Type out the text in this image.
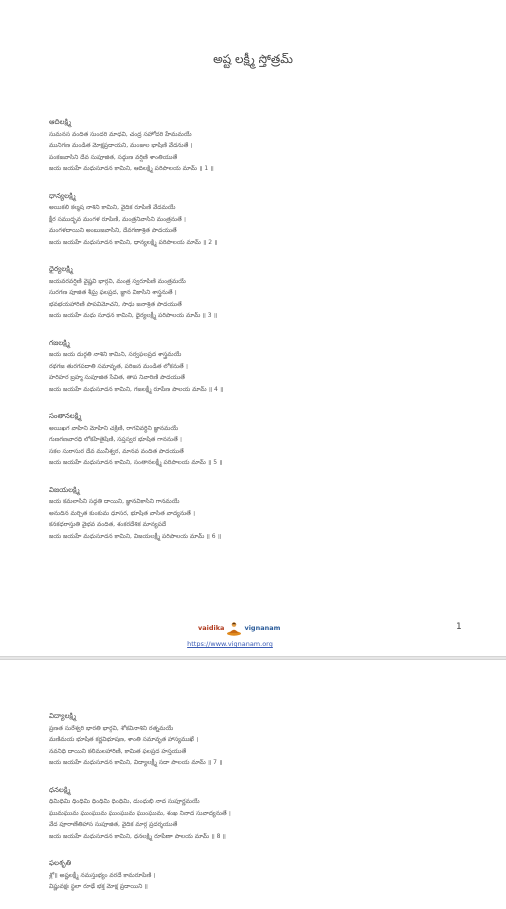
అష్ట లక్ష్మీ స్తోత్రమ్
ఆదిలక్ష్మి
సుమనస వందిత సుందరి మాధవి, చంద్ర సహోదరి హేమమయే
మునిగణ మండిత మోక్షప్రదాయని, మంజుల భాషిణి వేదనుతే ।
పంకజవాసిని దేవ సుపూజిత, సద్గుణ వర్షిణి శాంతియుతే
జయ జయహే మధుసూదన కామిని, ఆదిలక్ష్మి పరిపాలయ మామ్ ॥ 1 ॥
ధాన్యలక్ష్మి
అయికలి కల్మష నాశిని కామిని, వైదిక రూపిణి వేదమయే
క్షీర సముద్భవ మంగళ రూపిణి, మంత్రనివాసిని మంత్రనుతే ।
మంగళదాయిని అంబుజవాసిని, దేవగణాశ్రిత పాదయుతే
జయ జయహే మధుసూదన కామిని, ధాన్యలక్ష్మి పరిపాలయ మామ్ ॥ 2 ॥
ధైర్యలక్ష్మి
జయవరవర్షిణి వైష్ణవి భార్గవి, మంత్ర స్వరూపిణి మంత్రమయే
సురగణ పూజిత శీఘ్ర ఫలప్రద, జ్ఞాన వికాసిని శాస్త్రనుతే ।
భవభయహారిణి పాపవిమోచని, సాధు జనాశ్రిత పాదయుతే
జయ జయహే మధు సూధన కామిని, ధైర్యలక్ష్మీ పరిపాలయ మామ్ ॥ 3 ॥
గజలక్ష్మి
జయ జయ దుర్గతి నాశిని కామిని, సర్వఫలప్రద శాస్త్రమయే
రథగజ తురగపదాతి సమావృత, పరిజన మండిత లోకనుతే ।
హరిహర బ్రహ్మ సుపూజిత సేవిత, తాప నివారిణి పాదయుతే
జయ జయహే మధుసూదన కామిని, గజలక్ష్మీ రూపేణ పాలయ మామ్ ॥ 4 ॥
సంతానలక్ష్మి
అయిఖగ వాహిని మోహిని చక్రిణి, రాగవివర్ధిని జ్ఞానమయే
గుణగణవారధి లోకహితైషిణి, సప్తస్వర భూషిత గాననుతే ।
సకల సురాసుర దేవ మునీశ్వర, మానవ వందిత పాదయుతే
జయ జయహే మధుసూదన కామిని, సంతానలక్ష్మీ పరిపాలయ మామ్ ॥ 5 ॥
విజయలక్ష్మి
జయ కమలాసిని సద్గతి దాయిని, జ్ఞానవికాసిని గానమయే
అనుదిన మర్చిత కుంకుమ ధూసర, భూషిత వాసిత వాద్యనుతే ।
కనకధరాస్తుతి వైభవ వందిత, శంకరదేశిక మాన్యపదే
జయ జయహే మధుసూదన కామిని, విజయలక్ష్మీ పరిపాలయ మామ్ ॥ 6 ॥
vaidika	vignanam
https://www.vignanam.org
1
విద్యాలక్ష్మి
ప్రణత సురేశ్వరి భారతి భార్గవి, శోకవినాశిని రత్నమయే
మణిమయ భూషిత కర్ణవిభూషణ, శాంతి సమావృత హాస్యముఖే ।
నవనిధి దాయిని కలిమలహారిణి, కామిత ఫలప్రద హస్తయుతే
జయ జయహే మధుసూదన కామిని, విద్యాలక్ష్మీ సదా పాలయ మామ్ ॥ 7 ॥
ధనలక్ష్మి
ధిమిధిమి ధింధిమి ధింధిమి ధింధిమి, దుంధుభి నాద సుపూర్ణమయే
ఘుమఘుమ ఘుంఘుమ ఘుంఘుమ ఘుంఘుమ, శంఖ నినాద సువాద్యనుతే ।
వేద పూరాణేతిహాస సుపూజిత, వైదిక మార్గ ప్రదర్శయుతే
జయ జయహే మధుసూదన కామిని, ధనలక్ష్మి రూపేణా పాలయ మామ్ ॥ 8 ॥
ఫలశృతి
శ్లో॥ అష్టలక్ష్మీ నమస్తుభ్యం వరదే కామరూపిణి ।
విష్ణువక్షః స్థలా రూఢే భక్త మోక్ష ప్రదాయిని ॥
